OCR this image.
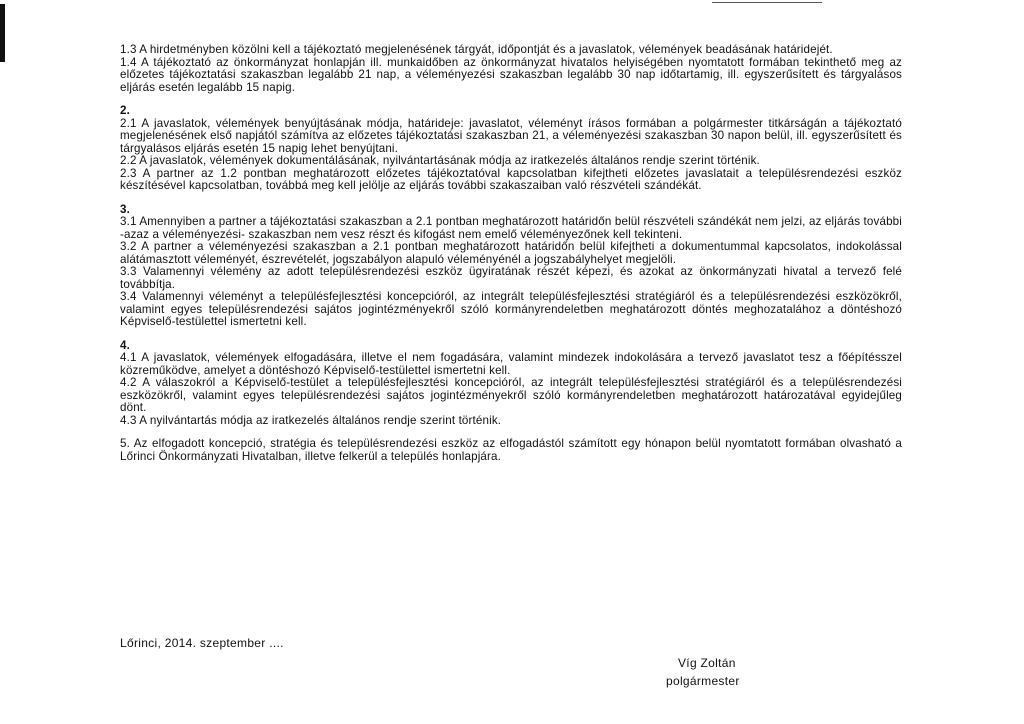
1.3 A hirdetményben közölni kell a tájékoztató megjelenésének tárgyát, időpontját és a javaslatok, vélemények beadásának határidejét.

1.4 A tájékoztató az önkormányzat honlapján ill. munkaidőben az önkormányzat hivatalos helyiségében nyomtatott formában tekinthető meg az előzetes tájékoztatási szakaszban legalább 21 nap, a véleményezési szakaszban legalább 30 nap időtartamig, ill. egyszerűsített és tárgyalásos eljárás esetén legalább 15 napig.

2.

2.1 A javaslatok, vélemények benyújtásának módja, határideje: javaslatot, véleményt írásos formában a polgármester titkárságán a tájékoztató megjelenésének első napjától számítva az előzetes tájékoztatási szakaszban 21, a véleményezési szakaszban 30 napon belül, ill. egyszerűsített és tárgyalásos eljárás esetén 15 napig lehet benyújtani.

2.2 A javaslatok, vélemények dokumentálásának, nyilvántartásának módja az iratkezelés általános rendje szerint történik.

2.3 A partner az 1.2 pontban meghatározott előzetes tájékoztatóval kapcsolatban kifejtheti előzetes javaslatait a településrendezési eszköz készítésével kapcsolatban, továbbá meg kell jelölje az eljárás további szakaszaiban való részvételi szándékát.

3.

3.1 Amennyiben a partner a tájékoztatási szakaszban a 2.1 pontban meghatározott határidőn belül részvételi szándékát nem jelzi, az eljárás további -azaz a véleményezési- szakaszban nem vesz részt és kifogást nem emelő véleményezőnek kell tekinteni.

3.2 A partner a véleményezési szakaszban a 2.1 pontban meghatározott határidőn belül kifejtheti a dokumentummal kapcsolatos, indokolással alátámasztott véleményét, észrevételét, jogszabályon alapuló véleményénél a jogszabályhelyet megjelöli.

3.3 Valamennyi vélemény az adott településrendezési eszköz ügyiratának részét képezi, és azokat az önkormányzati hivatal a tervező felé továbbítja.

3.4 Valamennyi véleményt a településfejlesztési koncepcióról, az integrált településfejlesztési stratégiáról és a településrendezési eszközökről, valamint egyes településrendezési sajátos jogintézményekről szóló kormányrendeletben meghatározott döntés meghozatalához a döntéshozó Képviselő-testülettel ismertetni kell.

4.

4.1 A javaslatok, vélemények elfogadására, illetve el nem fogadására, valamint mindezek indokolására a tervező javaslatot tesz a főépítésszel közreműködve, amelyet a döntéshozó Képviselő-testülettel ismertetni kell.

4.2 A válaszokról a Képviselő-testület a településfejlesztési koncepcióról, az integrált településfejlesztési stratégiáról és a településrendezési eszközökről, valamint egyes településrendezési sajátos jogintézményekről szóló kormányrendeletben meghatározott határozatával egyidejűleg dönt.

4.3 A nyilvántartás módja az iratkezelés általános rendje szerint történik.

5. Az elfogadott koncepció, stratégia és településrendezési eszköz az elfogadástól számított egy hónapon belül nyomtatott formában olvasható a Lőrinci Önkormányzati Hivatalban, illetve felkerül a település honlapjára.

Lőrinci, 2014. szeptember ....
Víg Zoltán
polgármester
